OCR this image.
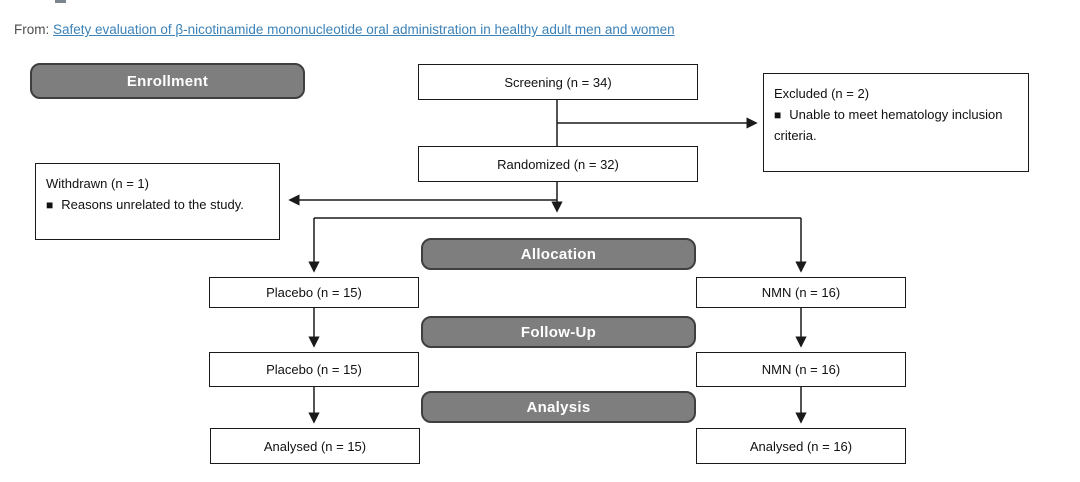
From: Safety evaluation of β-nicotinamide mononucleotide oral administration in healthy adult men and women
Enrollment	Screening (n = 34)
Excluded (n = 2)
■ Unable to meet hematology inclusion criteria.
Randomized (n = 32)
Withdrawn (n = 1)
■ Reasons unrelated to the study.
Allocation
Placebo (n = 15)	NMN (n = 16)
Follow-Up
Placebo (n = 15)	NMN (n = 16)
Analysis
Analysed (n = 15)	Analysed (n = 16)
